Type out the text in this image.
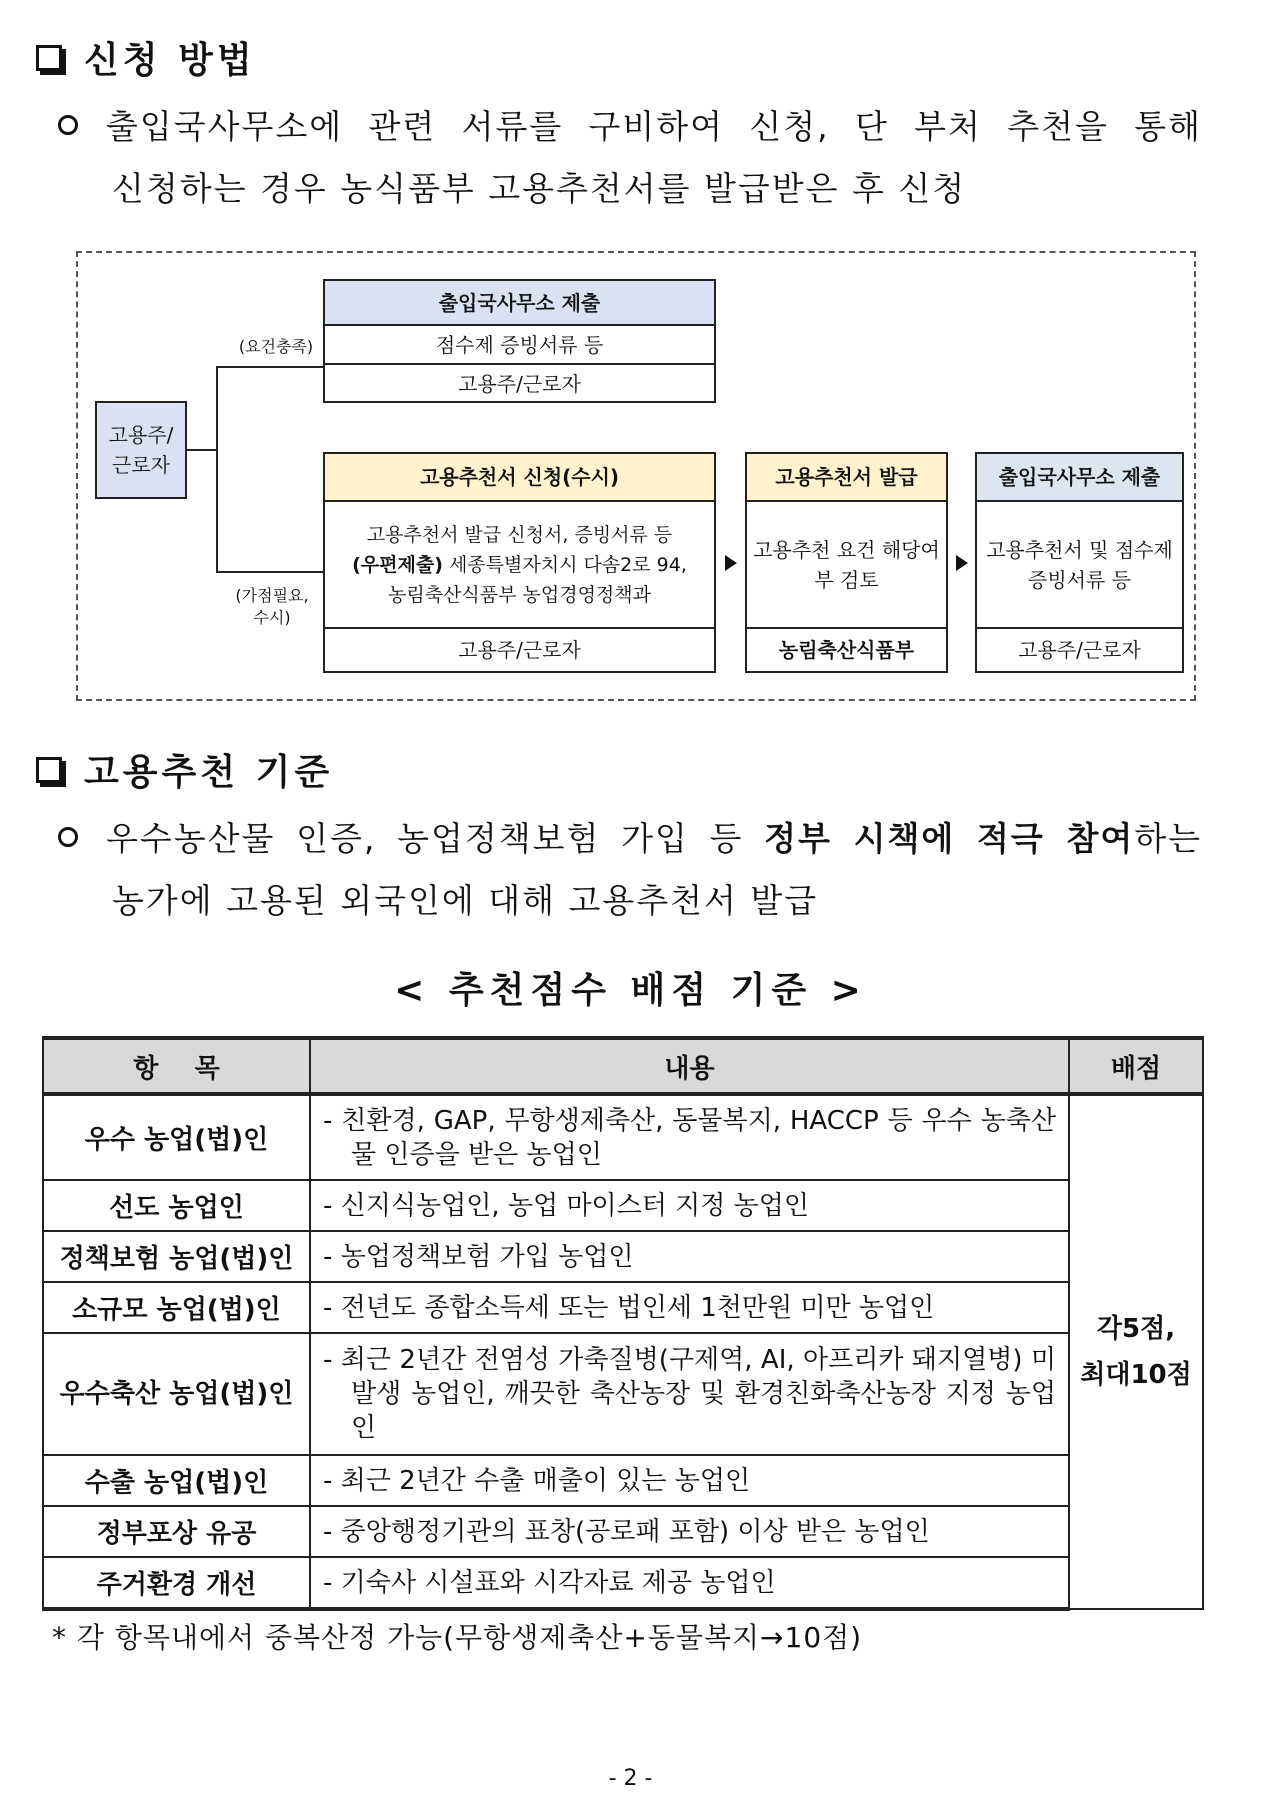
신청 방법
출입국사무소에 관련 서류를 구비하여 신청, 단 부처 추천을 통해
신청하는 경우 농식품부 고용추천서를 발급받은 후 신청
고용주/근로자
(요건충족)
(가점필요, 수시)
출입국사무소 제출
점수제 증빙서류 등
고용주/근로자
고용추천서 신청(수시)
고용추천서 발급 신청서, 증빙서류 등
(우편제출) 세종특별자치시 다솜2로 94,
농림축산식품부 농업경영정책과
고용주/근로자
고용추천서 발급
고용추천 요건 해당여부 검토
농림축산식품부
출입국사무소 제출
고용추천서 및 점수제 증빙서류 등
고용주/근로자
고용추천 기준
우수농산물 인증, 농업정책보험 가입 등 정부 시책에 적극 참여하는
농가에 고용된 외국인에 대해 고용추천서 발급
< 추천점수 배점 기준 >
항    목	내용	배점
우수 농업(법)인	- 친환경, GAP, 무항생제축산, 동물복지, HACCP 등 우수 농축산물 인증을 받은 농업인	각5점,
최대10점

선도 농업인	- 신지식농업인, 농업 마이스터 지정 농업인	

정책보험 농업(법)인	- 농업정책보험 가입 농업인	

소규모 농업(법)인	- 전년도 종합소득세 또는 법인세 1천만원 미만 농업인	

우수축산 농업(법)인	- 최근 2년간 전염성 가축질병(구제역, AI, 아프리카 돼지열병) 미발생 농업인, 깨끗한 축산농장 및 환경친화축산농장 지정 농업인	

수출 농업(법)인	- 최근 2년간 수출 매출이 있는 농업인	

정부포상 유공	- 중앙행정기관의 표창(공로패 포함) 이상 받은 농업인	

주거환경 개선	- 기숙사 시설표와 시각자료 제공 농업인	
* 각 항목내에서 중복산정 가능(무항생제축산+동물복지→10점)
- 2 -
